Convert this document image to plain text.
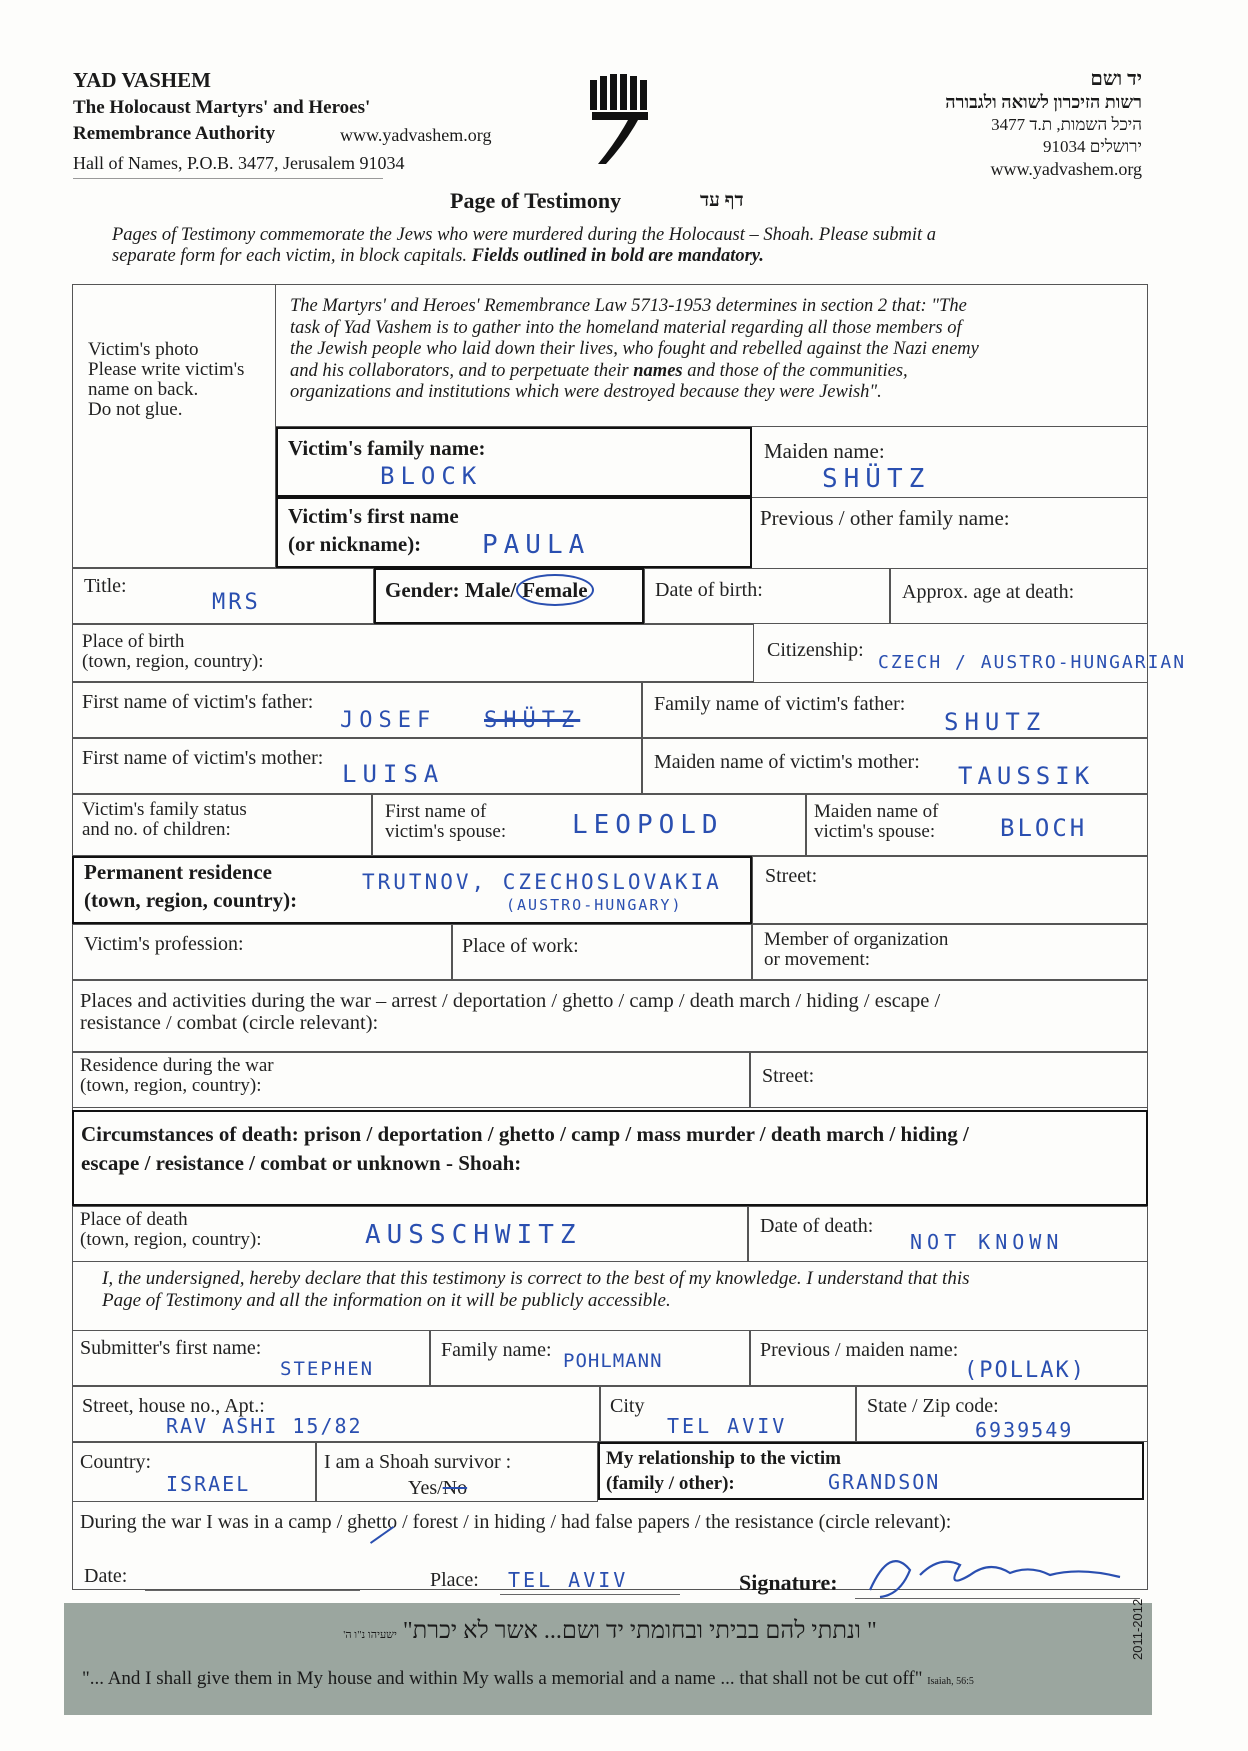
YAD VASHEM
The Holocaust Martyrs' and Heroes'
Remembrance Authority	www.yadvashem.org
Hall of Names, P.O.B. 3477, Jerusalem 91034
יד ושם
רשות הזיכרון לשואה ולגבורה
היכל השמות, ת.ד 3477
ירושלים 91034
www.yadvashem.org
Page of Testimony	דף עד
Pages of Testimony commemorate the Jews who were murdered during the Holocaust – Shoah. Please submit a
separate form for each victim, in block capitals. Fields outlined in bold are mandatory.
Victim's photo
Please write victim's
name on back.
Do not glue.
The Martyrs' and Heroes' Remembrance Law 5713-1953 determines in section 2 that: "The
task of Yad Vashem is to gather into the homeland material regarding all those members of
the Jewish people who laid down their lives, who fought and rebelled against the Nazi enemy
and his collaborators, and to perpetuate their names and those of the communities,
organizations and institutions which were destroyed because they were Jewish".
Victim's family name:
BLOCK
Maiden name:
SHÜTZ
Victim's first name
(or nickname):	PAULA
Previous / other family name:
Title:
MRS	Gender: Male/ Female	Date of birth:	Approx. age at death:
Place of birth
(town, region, country):
Citizenship:
CZECH / AUSTRO-HUNGARIAN
First name of victim's father:
JOSEF SHÜTZ
Family name of victim's father:
SHUTZ
First name of victim's mother:
LUISA	Maiden name of victim's mother: TAUSSIK
Victim's family status
and no. of children:
First name of
victim's spouse:	LEOPOLD	Maiden name of
victim's spouse:	BLOCH
Permanent residence
(town, region, country):
TRUTNOV, CZECHOSLOVAKIA
(AUSTRO-HUNGARY)
Street:
Victim's profession:	Place of work:	Member of organization
or movement:
Places and activities during the war – arrest / deportation / ghetto / camp / death march / hiding / escape /
resistance / combat (circle relevant):
Residence during the war
(town, region, country):	Street:
Circumstances of death: prison / deportation / ghetto / camp / mass murder / death march / hiding /
escape / resistance / combat or unknown - Shoah:
Place of death
(town, region, country):	AUSSCHWITZ	Date of death:
NOT KNOWN
I, the undersigned, hereby declare that this testimony is correct to the best of my knowledge. I understand that this
Page of Testimony and all the information on it will be publicly accessible.
Submitter's first name:
STEPHEN
Family name: POHLMANN	Previous / maiden name:
(POLLAK)
Street, house no., Apt.:
RAV ASHI 15/82
City
TEL AVIV
State / Zip code:
6939549
Country:
ISRAEL
I am a Shoah survivor :
Yes/No
My relationship to the victim
(family / other):	GRANDSON
During the war I was in a camp / ghetto / forest / in hiding / had false papers / the resistance (circle relevant):
Date:	Place: TEL AVIV	Signature:
" ונתתי להם בביתי ובחומתי יד ושם... אשר לא יכרת" ישעיהו נ"ו ה'
"... And I shall give them in My house and within My walls a memorial and a name ... that shall not be cut off" Isaiah, 56:5
2011-2012
